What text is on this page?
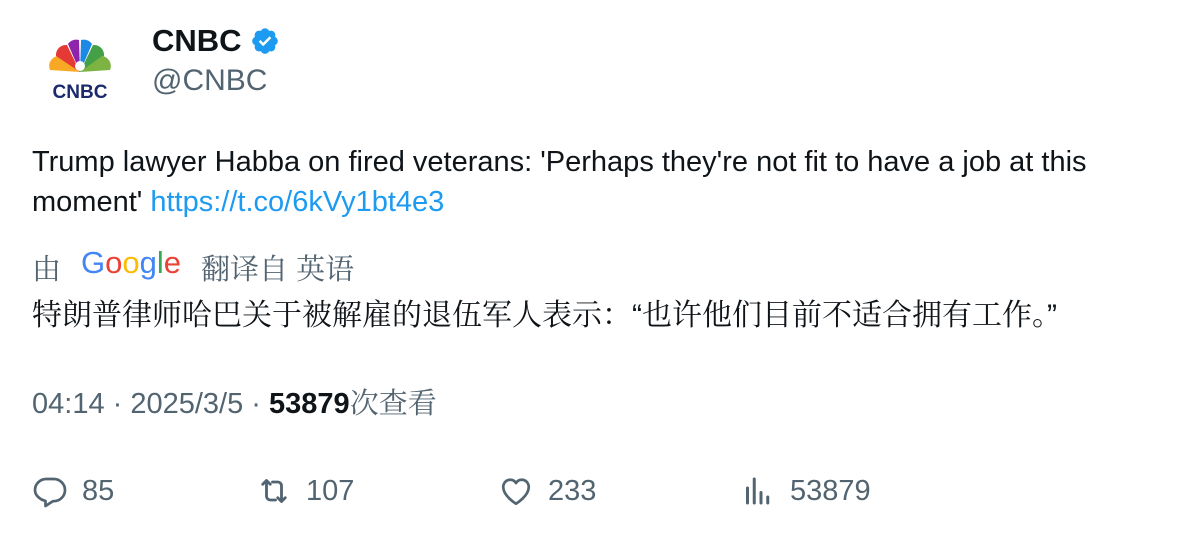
CNBC
CNBC
@CNBC
Trump lawyer Habba on fired veterans: 'Perhaps they're not fit to have a job at this moment' https://t.co/6kVy1bt4e3
由 Google 翻译自 英语
特朗普律师哈巴关于被解雇的退伍军人表示：“也许他们目前不适合拥有工作。”
04:14 · 2025/3/5 · 53879次查看
85	107	233	53879
